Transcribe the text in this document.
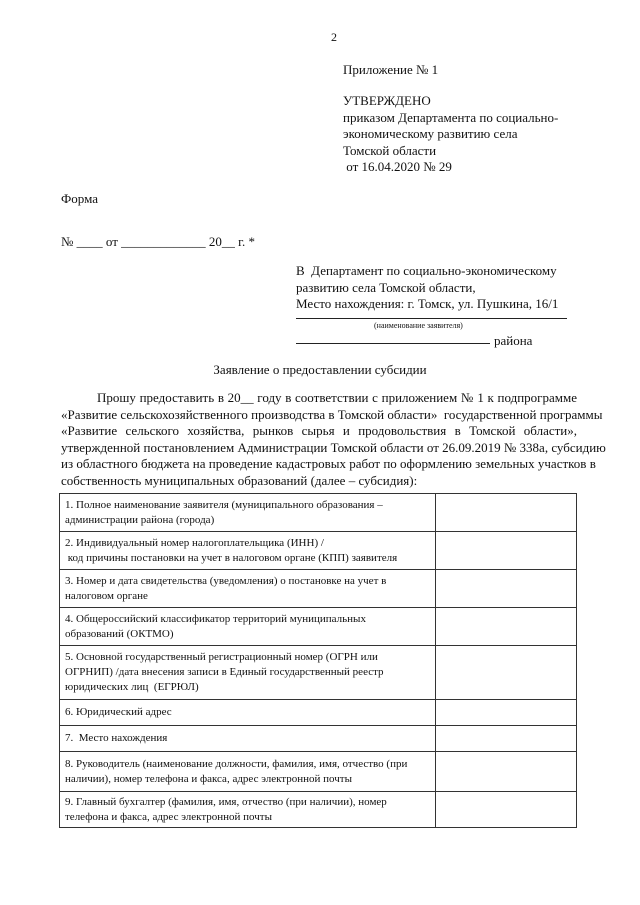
2
Приложение № 1
УТВЕРЖДЕНО
приказом Департамента по социально-
экономическому развитию села
Томской области
от 16.04.2020 № 29
Форма
№ ____ от _____________ 20__ г. *
В  Департамент по социально-экономическому
развитию села Томской области,
Место нахождения: г. Томск, ул. Пушкина, 16/1
(наименование заявителя)
района
Заявление о предоставлении субсидии
Прошу предоставить в 20__ году в соответствии с приложением № 1 к подпрограмме
«Развитие сельскохозяйственного производства в Томской области»  государственной программы
«Развитие сельского хозяйства, рынков сырья и продовольствия в Томской области»,
утвержденной постановлением Администрации Томской области от 26.09.2019 № 338а, субсидию
из областного бюджета на проведение кадастровых работ по оформлению земельных участков в
собственность муниципальных образований (далее – субсидия):
1. Полное наименование заявителя (муниципального образования –
администрации района (города)	

2. Индивидуальный номер налогоплательщика (ИНН) /
код причины постановки на учет в налоговом органе (КПП) заявителя	

3. Номер и дата свидетельства (уведомления) о постановке на учет в
налоговом органе	

4. Общероссийский классификатор территорий муниципальных
образований (ОКТМО)	

5. Основной государственный регистрационный номер (ОГРН или
ОГРНИП) /дата внесения записи в Единый государственный реестр
юридических лиц  (ЕГРЮЛ)	

6. Юридический адрес	

7.  Место нахождения	

8. Руководитель (наименование должности, фамилия, имя, отчество (при
наличии), номер телефона и факса, адрес электронной почты	

9. Главный бухгалтер (фамилия, имя, отчество (при наличии), номер
телефона и факса, адрес электронной почты	
